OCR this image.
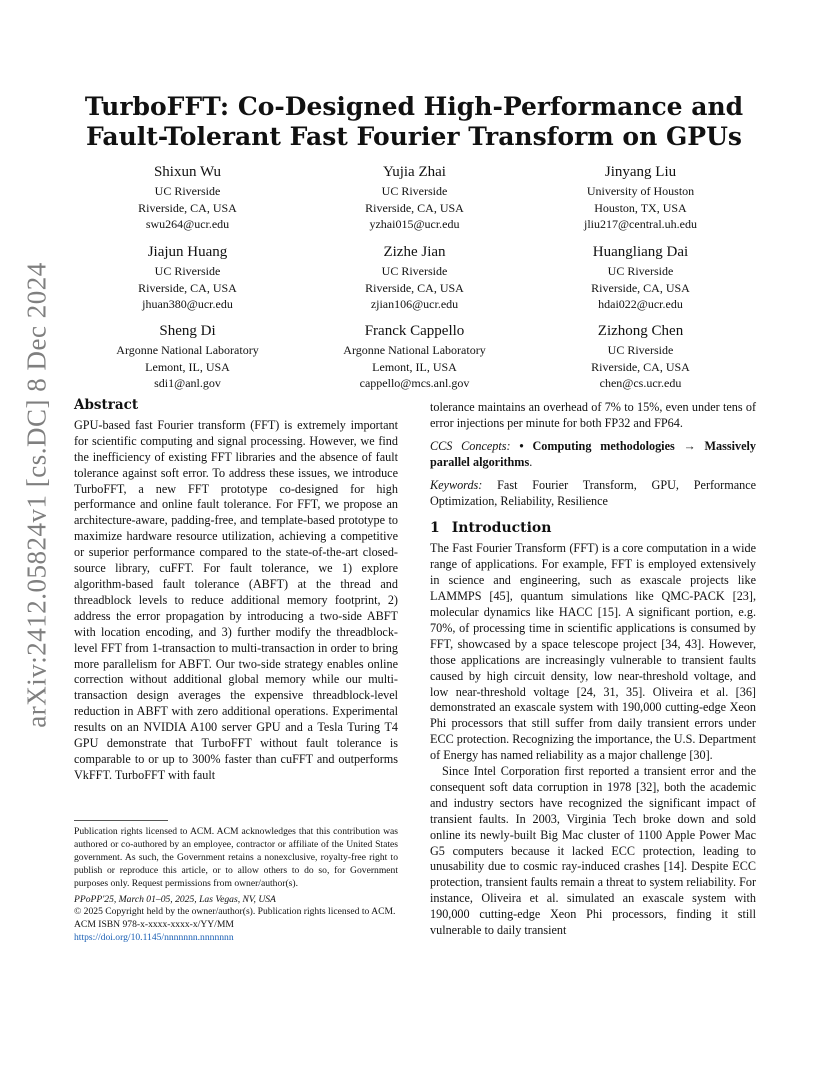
arXiv:2412.05824v1 [cs.DC] 8 Dec 2024
TurboFFT: Co-Designed High-Performance and
Fault-Tolerant Fast Fourier Transform on GPUs
Shixun Wu
UC Riverside
Riverside, CA, USA
swu264@ucr.edu
Yujia Zhai
UC Riverside
Riverside, CA, USA
yzhai015@ucr.edu
Jinyang Liu
University of Houston
Houston, TX, USA
jliu217@central.uh.edu
Jiajun Huang
UC Riverside
Riverside, CA, USA
jhuan380@ucr.edu
Zizhe Jian
UC Riverside
Riverside, CA, USA
zjian106@ucr.edu
Huangliang Dai
UC Riverside
Riverside, CA, USA
hdai022@ucr.edu
Sheng Di
Argonne National Laboratory
Lemont, IL, USA
sdi1@anl.gov
Franck Cappello
Argonne National Laboratory
Lemont, IL, USA
cappello@mcs.anl.gov
Zizhong Chen
UC Riverside
Riverside, CA, USA
chen@cs.ucr.edu
Abstract

GPU-based fast Fourier transform (FFT) is extremely important for scientific computing and signal processing. However, we find the inefficiency of existing FFT libraries and the absence of fault tolerance against soft error. To address these issues, we introduce TurboFFT, a new FFT prototype co-designed for high performance and online fault tolerance. For FFT, we propose an architecture-aware, padding-free, and template-based prototype to maximize hardware resource utilization, achieving a competitive or superior performance compared to the state-of-the-art closed-source library, cuFFT. For fault tolerance, we 1) explore algorithm-based fault tolerance (ABFT) at the thread and threadblock levels to reduce additional memory footprint, 2) address the error propagation by introducing a two-side ABFT with location encoding, and 3) further modify the threadblock-level FFT from 1-transaction to multi-transaction in order to bring more parallelism for ABFT. Our two-side strategy enables online correction without additional global memory while our multi-transaction design averages the expensive threadblock-level reduction in ABFT with zero additional operations. Experimental results on an NVIDIA A100 server GPU and a Tesla Turing T4 GPU demonstrate that TurboFFT without fault tolerance is comparable to or up to 300% faster than cuFFT and outperforms VkFFT. TurboFFT with fault

Publication rights licensed to ACM. ACM acknowledges that this contribution was authored or co-authored by an employee, contractor or affiliate of the United States government. As such, the Government retains a nonexclusive, royalty-free right to publish or reproduce this article, or to allow others to do so, for Government purposes only. Request permissions from owner/author(s).

PPoPP'25, March 01–05, 2025, Las Vegas, NV, USA

© 2025 Copyright held by the owner/author(s). Publication rights licensed to ACM.

ACM ISBN 978-x-xxxx-xxxx-x/YY/MM

https://doi.org/10.1145/nnnnnnn.nnnnnnn

tolerance maintains an overhead of 7% to 15%, even under tens of error injections per minute for both FP32 and FP64.

CCS Concepts: • Computing methodologies → Massively parallel algorithms.

Keywords: Fast Fourier Transform, GPU, Performance Optimization, Reliability, Resilience

1 Introduction

The Fast Fourier Transform (FFT) is a core computation in a wide range of applications. For example, FFT is employed extensively in science and engineering, such as exascale projects like LAMMPS [45], quantum simulations like QMC-PACK [23], molecular dynamics like HACC [15]. A significant portion, e.g. 70%, of processing time in scientific applications is consumed by FFT, showcased by a space telescope project [34, 43]. However, those applications are increasingly vulnerable to transient faults caused by high circuit density, low near-threshold voltage, and low near-threshold voltage [24, 31, 35]. Oliveira et al. [36] demonstrated an exascale system with 190,000 cutting-edge Xeon Phi processors that still suffer from daily transient errors under ECC protection. Recognizing the importance, the U.S. Department of Energy has named reliability as a major challenge [30].

Since Intel Corporation first reported a transient error and the consequent soft data corruption in 1978 [32], both the academic and industry sectors have recognized the significant impact of transient faults. In 2003, Virginia Tech broke down and sold online its newly-built Big Mac cluster of 1100 Apple Power Mac G5 computers because it lacked ECC protection, leading to unusability due to cosmic ray-induced crashes [14]. Despite ECC protection, transient faults remain a threat to system reliability. For instance, Oliveira et al. simulated an exascale system with 190,000 cutting-edge Xeon Phi processors, finding it still vulnerable to daily transient
